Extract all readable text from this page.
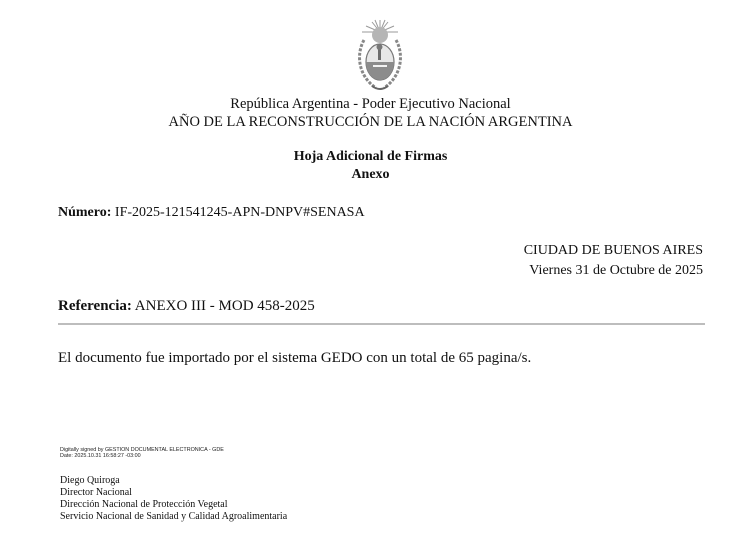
República Argentina - Poder Ejecutivo Nacional
AÑO DE LA RECONSTRUCCIÓN DE LA NACIÓN ARGENTINA
Hoja Adicional de Firmas
Anexo
Número: IF-2025-121541245-APN-DNPV#SENASA
CIUDAD DE BUENOS AIRES
Viernes 31 de Octubre de 2025
Referencia: ANEXO III - MOD 458-2025
El documento fue importado por el sistema GEDO con un total de 65 pagina/s.
Digitally signed by GESTION DOCUMENTAL ELECTRONICA - GDE
Date: 2025.10.31 16:58:27 -03:00
Diego Quiroga
Director Nacional
Dirección Nacional de Protección Vegetal
Servicio Nacional de Sanidad y Calidad Agroalimentaria
